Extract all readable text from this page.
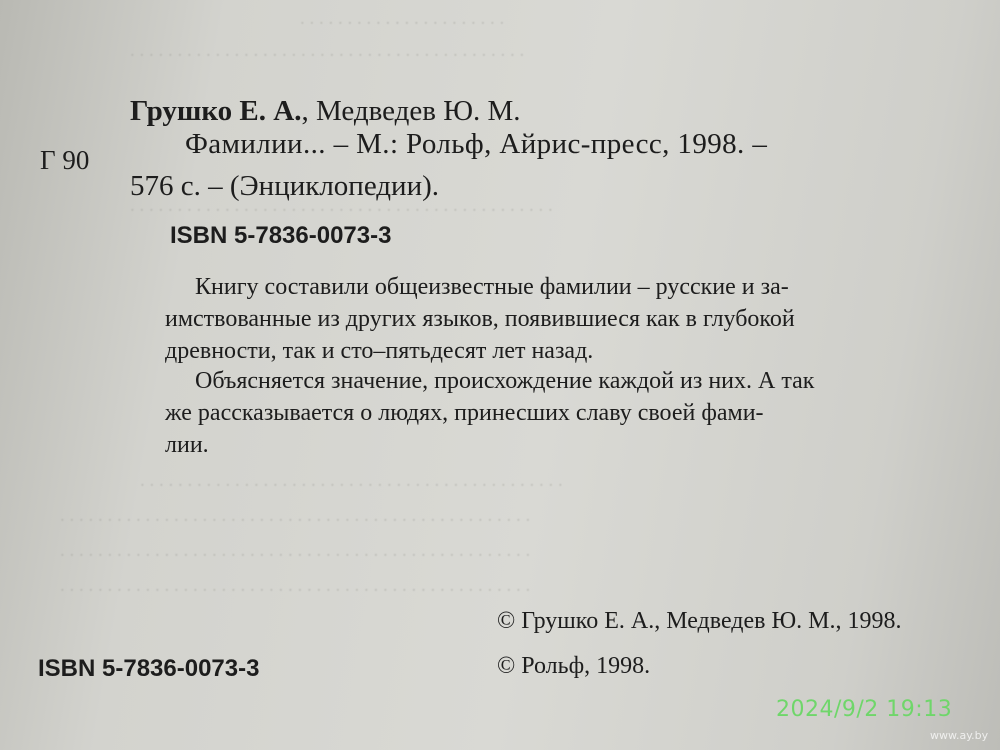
. . . . . . . . . . . . . . . . . . . . . .
. . . . . . . . . . . . . . . . . . . . . . . . . . . . . . . . . . . . . . . . . .
. . . . . . . . . . . . . . . . . . . . . . . . . . . . . . . . . . . . . . . . . . . . .
. . . . . . . . . . . . . . . . . . . . . . . . . . . . . . . . . . . . . . . . . . . . .
. . . . . . . . . . . . . . . . . . . . . . . . . . . . . . . . . . . . . . . . . . . . . . . . . .
. . . . . . . . . . . . . . . . . . . . . . . . . . . . . . . . . . . . . . . . . . . . . . . . . .
. . . . . . . . . . . . . . . . . . . . . . . . . . . . . . . . . . . . . . . . . . . . . . . . . .
Грушко Е. А., Медведев Ю. М.
Г 90	Фамилии... – М.: Рольф, Айрис-пресс, 1998. –
576 с. – (Энциклопедии).
ISBN 5-7836-0073-3
Книгу составили общеизвестные фамилии – русские и за-
имствованные из других языков, появившиеся как в глубокой
древности, так и сто–пятьдесят лет назад.
Объясняется значение, происхождение каждой из них. А так
же рассказывается о людях, принесших славу своей фами-
лии.
© Грушко Е. А., Медведев Ю. М., 1998.
© Рольф, 1998.
ISBN 5-7836-0073-3
2024/9/2 19:13
www.ay.by
